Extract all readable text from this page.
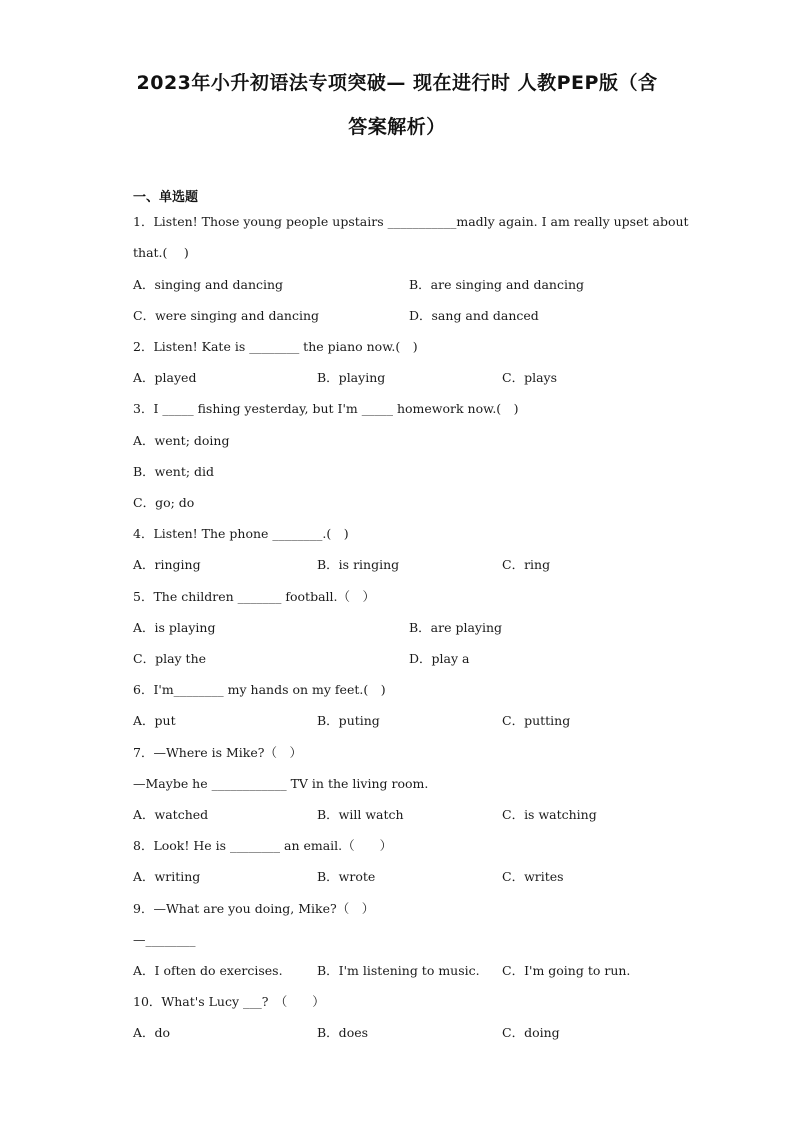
2023年小升初语法专项突破— 现在进行时 人教PEP版（含
答案解析）
一、单选题
1．Listen! Those young people upstairs ___________madly again. I am really upset about
that.(　 )
A．singing and dancing	B．are singing and dancing
C．were singing and dancing	D．sang and danced
2．Listen! Kate is ________ the piano now.(　)
A．played	B．playing	C．plays
3．I _____ fishing yesterday, but I'm _____ homework now.(　)
A．went; doing
B．went; did
C．go; do
4．Listen! The phone ________.(　)
A．ringing	B．is ringing	C．ring
5．The children _______ football.（　）
A．is playing	B．are playing
C．play the	D．play a
6．I'm________ my hands on my feet.(　)
A．put	B．puting	C．putting
7．—Where is Mike?（　）
—Maybe he ____________ TV in the living room.
A．watched	B．will watch	C．is watching
8．Look! He is ________ an email.（　　）
A．writing	B．wrote	C．writes
9．—What are you doing, Mike?（　）
—________
A．I often do exercises.	B．I'm listening to music. C．I'm going to run.
10．What's Lucy ___?　（　　）
A．do	B．does	C．doing
